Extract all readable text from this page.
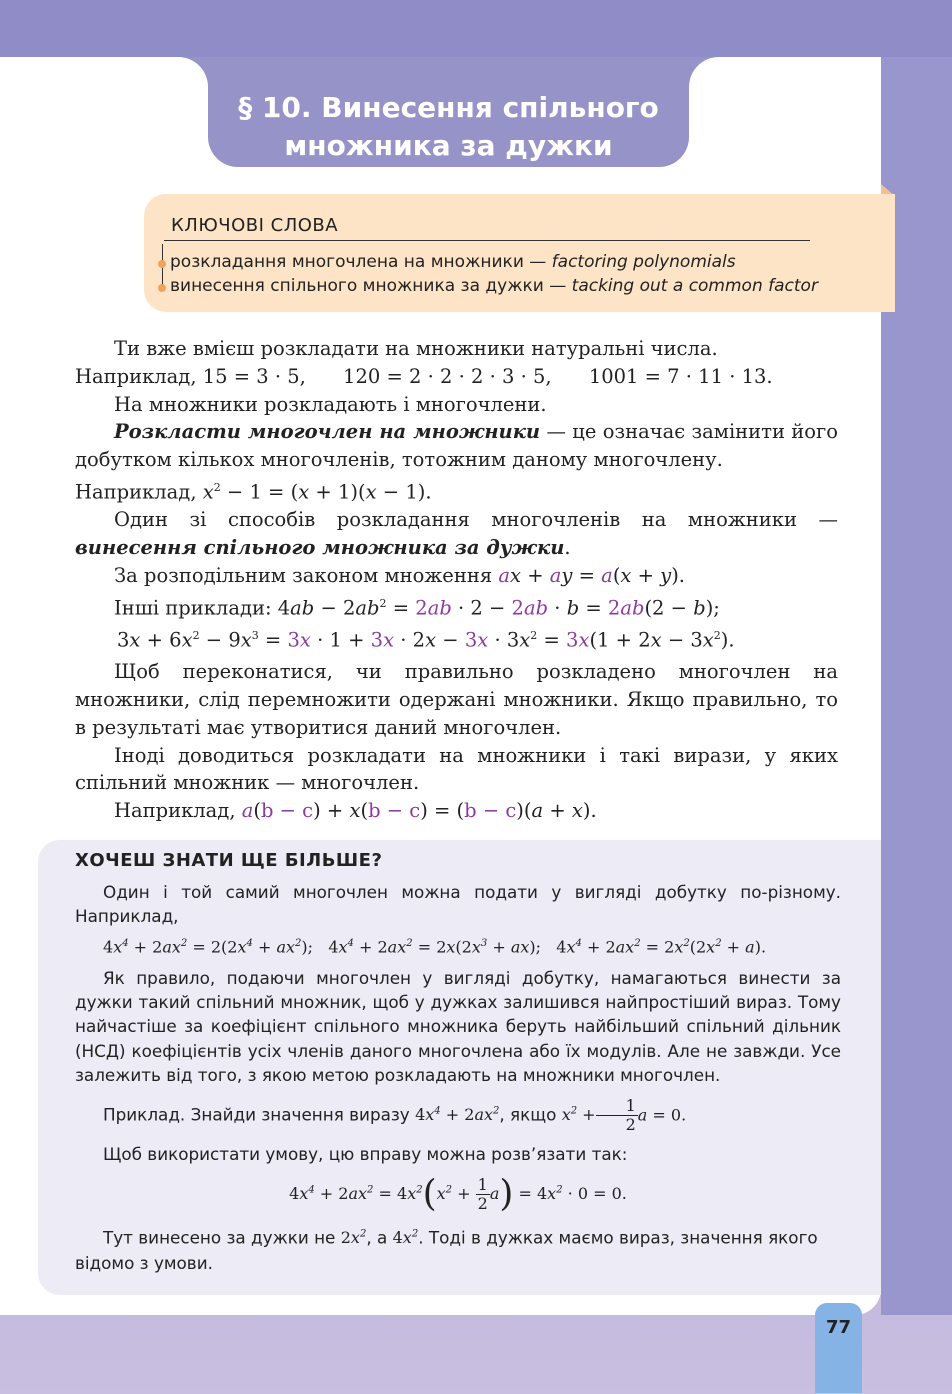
§ 10. Винесення спільного
множника за дужки
КЛЮЧОВІ СЛОВА
розкладання многочлена на множники — factoring polynomials
винесення спільного множника за дужки — tacking out a common factor

Ти вже вмієш розкладати на множники натуральні числа.

Наприклад, 15 = 3 · 5,      120 = 2 · 2 · 2 · 3 · 5,      1001 = 7 · 11 · 13.

На множники розкладають і многочлени.

Розкласти многочлен на множники — це означає замінити його добутком кількох многочленів, тотожним даному многочлену.

Наприклад, $x^2 - 1 = (x + 1)(x - 1)$.

Один зі способів розкладання многочленів на множники — винесення спільного множника за дужки.

За розподільним законом множення ax + ay = a(x + y).

Інші приклади: $4ab - 2ab^2 = 2ab \cdot 2 - 2ab \cdot b = 2ab(2 - b)$;

$3x + 6x^2 - 9x^3 = 3x \cdot 1 + 3x \cdot 2x - 3x \cdot 3x^2 = 3x(1 + 2x - 3x^2)$.

Щоб переконатися, чи правильно розкладено многочлен на множники, слід перемножити одержані множники. Якщо правильно, то в результаті має утворитися даний многочлен.

Іноді доводиться розкладати на множники і такі вирази, у яких спільний множник — многочлен.

Наприклад, a(b − c) + x(b − c) = (b − c)(a + x).

ХОЧЕШ ЗНАТИ ЩЕ БІЛЬШЕ?

Один і той самий многочлен можна подати у вигляді добутку по-різному. Наприклад,

$4x^4 + 2ax^2 = 2(2x^4 + ax^2)$; $4x^4 + 2ax^2 = 2x(2x^3 + ax)$; $4x^4 + 2ax^2 = 2x^2(2x^2 + a)$.

Як правило, подаючи многочлен у вигляді добутку, намагаються винести за дужки такий спільний множник, щоб у дужках залишився найпростіший вираз. Тому найчастіше за коефіцієнт спільного множника беруть найбільший спільний дільник (НСД) коефіцієнтів усіх членів даного многочлена або їх модулів. Але не завжди. Усе залежить від того, з якою метою розкладають на множники многочлен.

Приклад. Знайди значення виразу $4x^4 + 2ax^2$, якщо $x^2 + \frac{1}{2}$ a = 0.

Щоб використати умову, цю вправу можна розв’язати так:

$4x^4 + 2ax^2 = 4x^2(x^2 + \frac{1}{2} a) = 4x^2 \cdot 0 = 0$.

Тут винесено за дужки не $2x^2$, а $4x^2$. Тоді в дужках маємо вираз, значення якого відомо з умови.

77
